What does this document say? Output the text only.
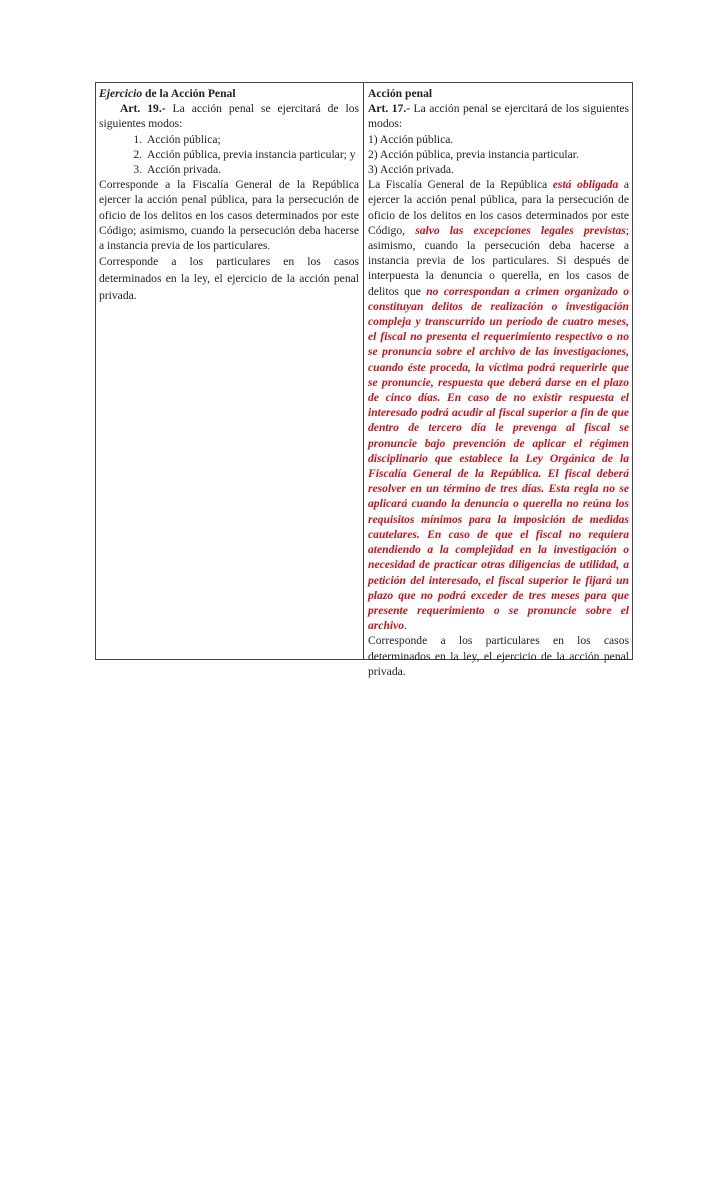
Ejercicio de la Acción Penal

Art. 19.- La acción penal se ejercitará de los siguientes modos:

1. Acción pública;
2. Acción pública, previa instancia particular; y
3. Acción privada.

Corresponde a la Fiscalía General de la República ejercer la acción penal pública, para la persecución de oficio de los delitos en los casos determinados por este Código; asimismo, cuando la persecución deba hacerse a instancia previa de los particulares.

Corresponde a los particulares en los casos determinados en la ley, el ejercicio de la acción penal privada.

Acción penal

Art. 17.- La acción penal se ejercitará de los siguientes modos:

1) Acción pública.

2) Acción pública, previa instancia particular.

3) Acción privada.

La Fiscalía General de la República está obligada a ejercer la acción penal pública, para la persecución de oficio de los delitos en los casos determinados por este Código, salvo las excepciones legales previstas; asimismo, cuando la persecución deba hacerse a instancia previa de los particulares. Si después de interpuesta la denuncia o querella, en los casos de delitos que no correspondan a crimen organizado o constituyan delitos de realización o investigación compleja y transcurrido un período de cuatro meses, el fiscal no presenta el requerimiento respectivo o no se pronuncia sobre el archivo de las investigaciones, cuando éste proceda, la víctima podrá requerirle que se pronuncie, respuesta que deberá darse en el plazo de cinco días. En caso de no existir respuesta el interesado podrá acudir al fiscal superior a fin de que dentro de tercero día le prevenga al fiscal se pronuncie bajo prevención de aplicar el régimen disciplinario que establece la Ley Orgánica de la Fiscalía General de la República. El fiscal deberá resolver en un término de tres días. Esta regla no se aplicará cuando la denuncia o querella no reúna los requisitos mínimos para la imposición de medidas cautelares. En caso de que el fiscal no requiera atendiendo a la complejidad en la investigación o necesidad de practicar otras diligencias de utilidad, a petición del interesado, el fiscal superior le fijará un plazo que no podrá exceder de tres meses para que presente requerimiento o se pronuncie sobre el archivo.

Corresponde a los particulares en los casos determinados en la ley, el ejercicio de la acción penal privada.
